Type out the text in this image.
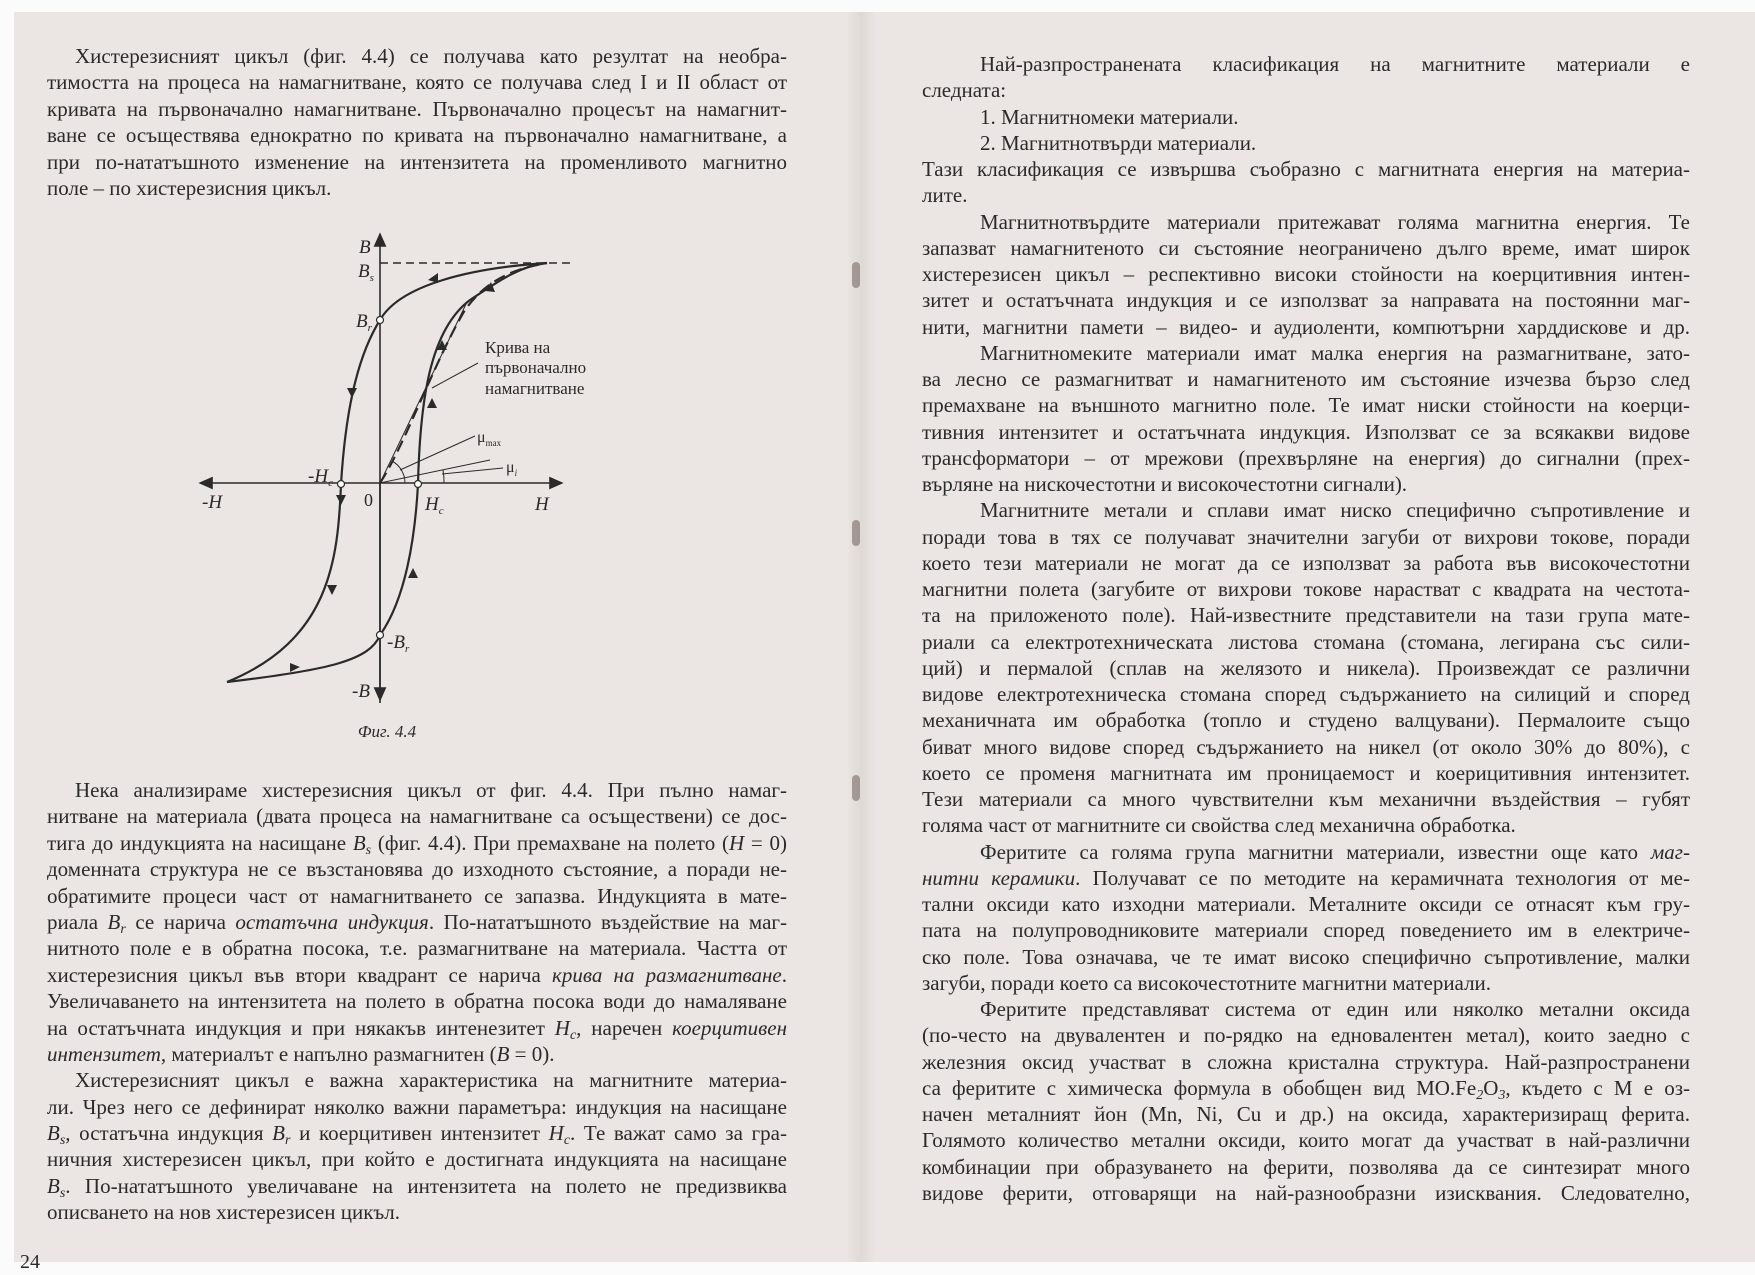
Хистерезисният цикъл (фиг. 4.4) се получава като резултат на необра-
тимостта на процеса на намагнитване, която се получава след I и II област от
кривата на първоначално намагнитване. Първоначално процесът на намагнит-
ване се осъществява еднократно по кривата на първоначално намагнитване, а
при по-нататъшното изменение на интензитета на променливото магнитно
поле – по хистерезисния цикъл.
Нека анализираме хистерезисния цикъл от фиг. 4.4. При пълно намаг-
нитване на материала (двата процеса на намагнитване са осъществени) се дос-
тига до индукцията на насищане $B_s$ (фиг. 4.4). При премахване на полето (H = 0)
доменната структура не се възстановява до изходното състояние, а поради не-
обратимите процеси част от намагнитването се запазва. Индукцията в мате-
риала $B_r$ се нарича остатъчна индукция. По-нататъшното въздействие на маг-
нитното поле е в обратна посока, т.е. размагнитване на материала. Частта от
хистерезисния цикъл във втори квадрант се нарича крива на размагнитване.
Увеличаването на интензитета на полето в обратна посока води до намаляване
на остатъчната индукция и при някакъв интенезитет $H_c$, наречен коерцитивен
интензитет, материалът е напълно размагнитен (B = 0).
Хистерезисният цикъл е важна характеристика на магнитните материа-
ли. Чрез него се дефинират няколко важни параметъра: индукция на насищане
$B_s$, остатъчна индукция $B_r$ и коерцитивен интензитет $H_c$. Те важат само за гра-
ничния хистерезисен цикъл, при който е достигната индукцията на насищане
$B_s$. По-нататъшното увеличаване на интензитета на полето не предизвиква
описването на нов хистерезисен цикъл.
Най-разпространената класификация на магнитните материали е
следната:
1. Магнитномеки материали.
2. Магнитнотвърди материали.
Тази класификация се извършва съобразно с магнитната енергия на материа-
лите.
Магнитнотвърдите материали притежават голяма магнитна енергия. Те
запазват намагнитеното си състояние неограничено дълго време, имат широк
хистерезисен цикъл – респективно високи стойности на коерцитивния интен-
зитет и остатъчната индукция и се използват за направата на постоянни маг-
нити, магнитни памети – видео- и аудиоленти, компютърни харддискове и др.
Магнитномеките материали имат малка енергия на размагнитване, зато-
ва лесно се размагнитват и намагнитеното им състояние изчезва бързо след
премахване на външното магнитно поле. Те имат ниски стойности на коерци-
тивния интензитет и остатъчната индукция. Използват се за всякакви видове
трансформатори – от мрежови (прехвърляне на енергия) до сигнални (прех-
върляне на нискочестотни и високочестотни сигнали).
Магнитните метали и сплави имат ниско специфично съпротивление и
поради това в тях се получават значителни загуби от вихрови токове, поради
което тези материали не могат да се използват за работа във високочестотни
магнитни полета (загубите от вихрови токове нарастват с квадрата на честота-
та на приложеното поле). Най-известните представители на тази група мате-
риали са електротехническата листова стомана (стомана, легирана със сили-
ций) и пермалой (сплав на желязото и никела). Произвеждат се различни
видове електротехническа стомана според съдържанието на силиций и според
механичната им обработка (топло и студено валцувани). Пермалоите също
биват много видове според съдържанието на никел (от около 30% до 80%), с
което се променя магнитната им проницаемост и коерицитивния интензитет.
Тези материали са много чувствителни към механични въздействия – губят
голяма част от магнитните си свойства след механична обработка.
Феритите са голяма група магнитни материали, известни още като маг-
нитни керамики. Получават се по методите на керамичната технология от ме-
тални оксиди като изходни материали. Металните оксиди се отнасят към гру-
пата на полупроводниковите материали според поведението им в електриче-
ско поле. Това означава, че те имат високо специфично съпротивление, малки
загуби, поради което са високочестотните магнитни материали.
Феритите представляват система от един или няколко метални оксида
(по-често на двувалентен и по-рядко на едновалентен метал), които заедно с
железния оксид участват в сложна кристална структура. Най-разпространени
са феритите с химическа формула в обобщен вид $MO.Fe_2O_3$, където с M е оз-
начен металният йон (Mn, Ni, Cu и др.) на оксида, характеризиращ ферита.
Голямото количество метални оксиди, които могат да участват в най-различни
комбинации при образуването на ферити, позволява да се синтезират много
видове ферити, отговарящи на най-разнообразни изисквания. Следователно,
24
B
$B_s$
$B_r$
$-H_c$
0
-H	$H_c$	H
$-B_r$
-B
$\mu_{max}$
$\mu_i$
Крива на
първоначално
намагнитване
Фиг. 4.4
